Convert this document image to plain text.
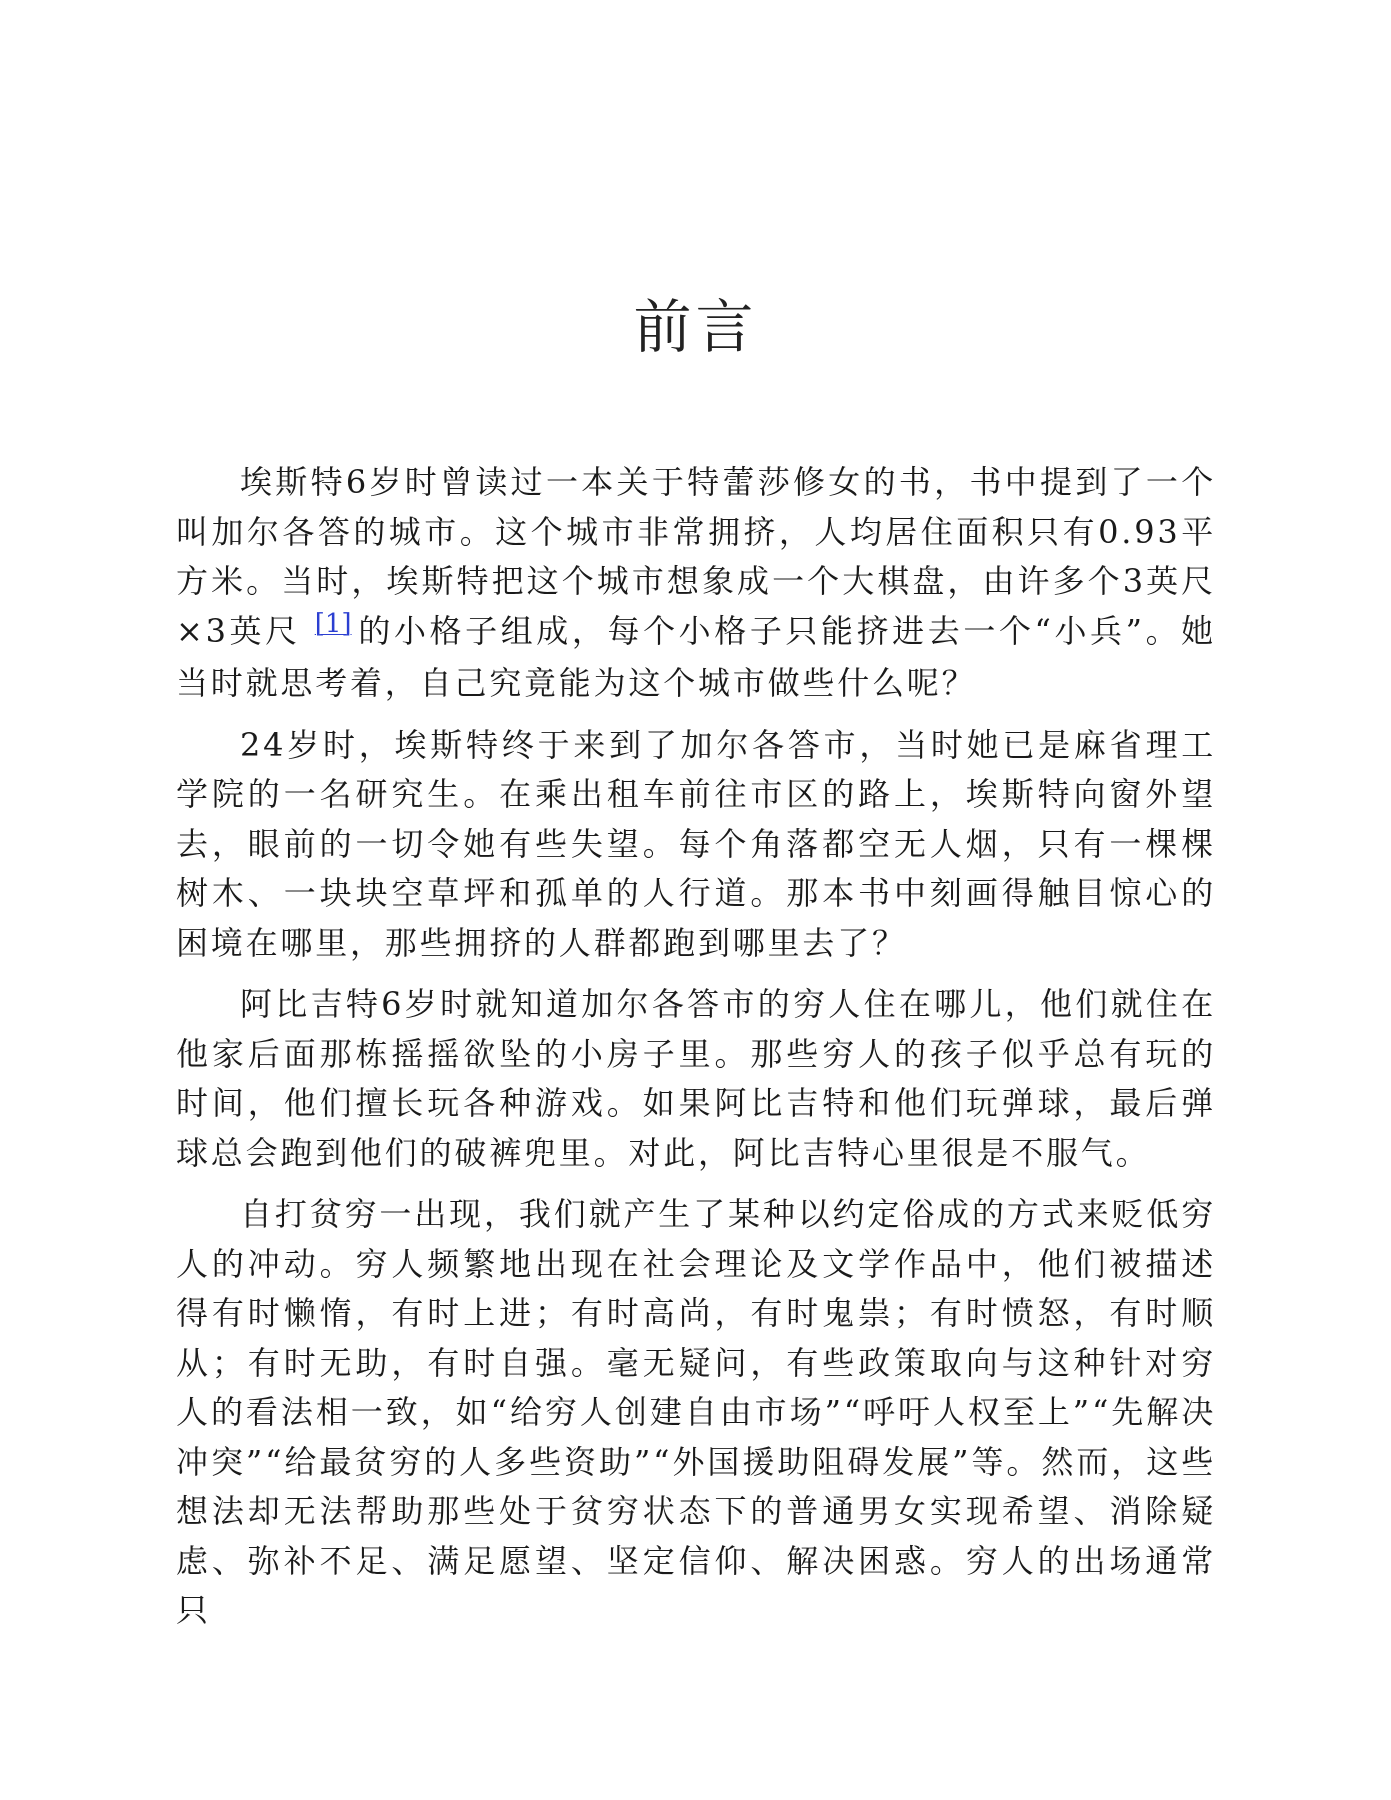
前言

埃斯特6岁时曾读过一本关于特蕾莎修女的书，书中提到了一个叫加尔各答的城市。这个城市非常拥挤，人均居住面积只有0.93平方米。当时，埃斯特把这个城市想象成一个大棋盘，由许多个3英尺×3英尺 [1] 的小格子组成，每个小格子只能挤进去一个“小兵”。她当时就思考着，自己究竟能为这个城市做些什么呢？

24岁时，埃斯特终于来到了加尔各答市，当时她已是麻省理工学院的一名研究生。在乘出租车前往市区的路上，埃斯特向窗外望去，眼前的一切令她有些失望。每个角落都空无人烟，只有一棵棵树木、一块块空草坪和孤单的人行道。那本书中刻画得触目惊心的困境在哪里，那些拥挤的人群都跑到哪里去了？

阿比吉特6岁时就知道加尔各答市的穷人住在哪儿，他们就住在他家后面那栋摇摇欲坠的小房子里。那些穷人的孩子似乎总有玩的时间，他们擅长玩各种游戏。如果阿比吉特和他们玩弹球，最后弹球总会跑到他们的破裤兜里。对此，阿比吉特心里很是不服气。

自打贫穷一出现，我们就产生了某种以约定俗成的方式来贬低穷人的冲动。穷人频繁地出现在社会理论及文学作品中，他们被描述得有时懒惰，有时上进；有时高尚，有时鬼祟；有时愤怒，有时顺从；有时无助，有时自强。毫无疑问，有些政策取向与这种针对穷人的看法相一致，如“给穷人创建自由市场”“呼吁人权至上”“先解决冲突”“给最贫穷的人多些资助”“外国援助阻碍发展”等。然而，这些想法却无法帮助那些处于贫穷状态下的普通男女实现希望、消除疑虑、弥补不足、满足愿望、坚定信仰、解决困惑。穷人的出场通常只
